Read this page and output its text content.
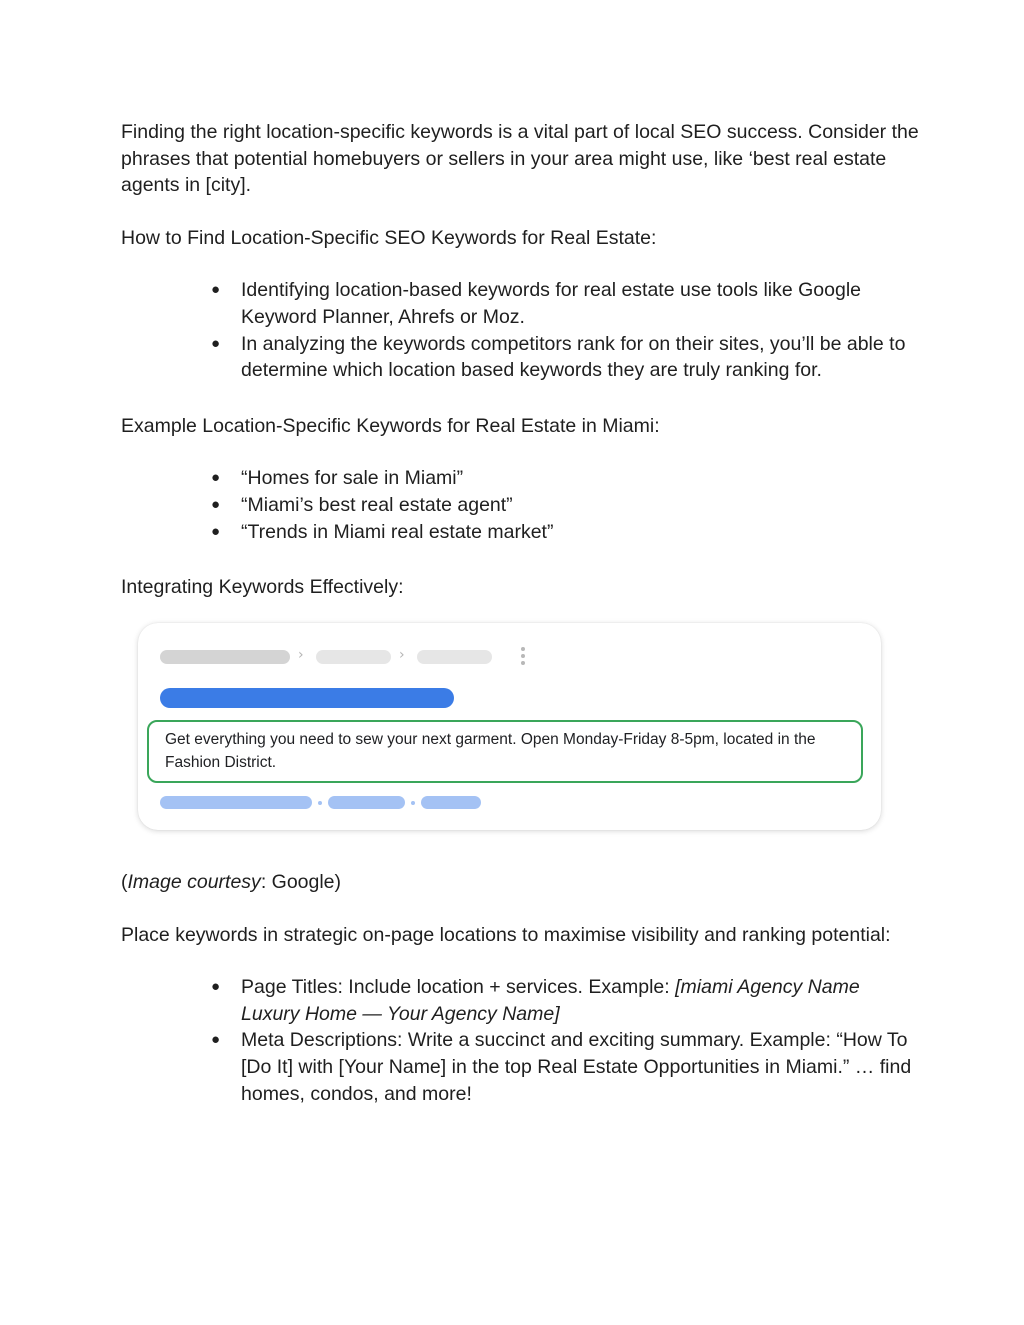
Finding the right location-specific keywords is a vital part of local SEO success. Consider the phrases that potential homebuyers or sellers in your area might use, like ‘best real estate agents in [city].

How to Find Location-Specific SEO Keywords for Real Estate:

● Identifying location-based keywords for real estate use tools like Google Keyword Planner, Ahrefs or Moz.
● In analyzing the keywords competitors rank for on their sites, you’ll be able to determine which location based keywords they are truly ranking for.

Example Location-Specific Keywords for Real Estate in Miami:

● “Homes for sale in Miami”
● “Miami’s best real estate agent”
● “Trends in Miami real estate market”

Integrating Keywords Effectively:

›	›
Get everything you need to sew your next garment. Open Monday-Friday 8-5pm, located in the Fashion District.

(Image courtesy: Google)

Place keywords in strategic on-page locations to maximise visibility and ranking potential:

● Page Titles: Include location + services. Example: [miami Agency Name Luxury Home — Your Agency Name]
● Meta Descriptions: Write a succinct and exciting summary. Example: “How To [Do It] with [Your Name] in the top Real Estate Opportunities in Miami.” … find homes, condos, and more!
